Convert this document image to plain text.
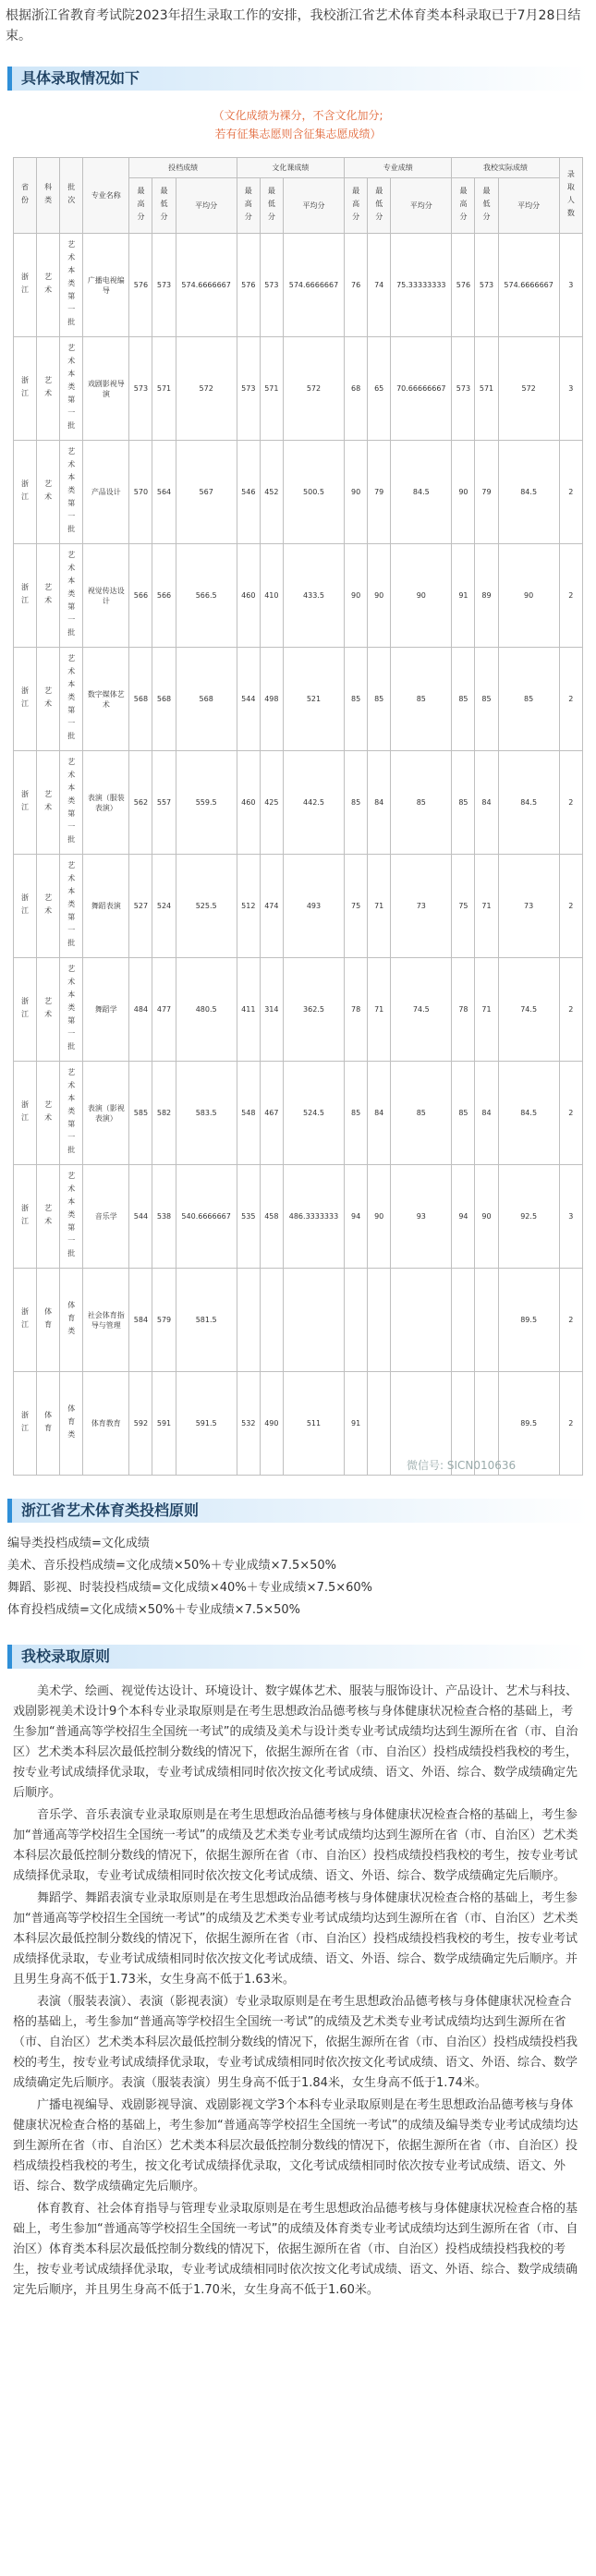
根据浙江省教育考试院2023年招生录取工作的安排，我校浙江省艺术体育类本科录取已于7月28日结束。
具体录取情况如下
（文化成绩为裸分，不含文化加分;
若有征集志愿则含征集志愿成绩）
省份	科类	批次	专业名称	投档成绩			文化课成绩			专业成绩			我校实际成绩			录取人数
				最高分	最低分	平均分	最高分	最低分	平均分	最高分	最低分	平均分	最高分	最低分	平均分	
浙江	艺术	艺术本类第一批	广播电视编导	576	573	574.6666667	576	573	574.6666667	76	74	75.33333333	576	573	574.6666667	3
浙江	艺术	艺术本类第一批	戏剧影视导演	573	571	572	573	571	572	68	65	70.66666667	573	571	572	3
浙江	艺术	艺术本类第一批	产品设计	570	564	567	546	452	500.5	90	79	84.5	90	79	84.5	2
浙江	艺术	艺术本类第一批	视觉传达设计	566	566	566.5	460	410	433.5	90	90	90	91	89	90	2
浙江	艺术	艺术本类第一批	数字媒体艺术	568	568	568	544	498	521	85	85	85	85	85	85	2
浙江	艺术	艺术本类第一批	表演（服装表演）	562	557	559.5	460	425	442.5	85	84	85	85	84	84.5	2
浙江	艺术	艺术本类第一批	舞蹈表演	527	524	525.5	512	474	493	75	71	73	75	71	73	2
浙江	艺术	艺术本类第一批	舞蹈学	484	477	480.5	411	314	362.5	78	71	74.5	78	71	74.5	2
浙江	艺术	艺术本类第一批	表演（影视表演）	585	582	583.5	548	467	524.5	85	84	85	85	84	84.5	2
浙江	艺术	艺术本类第一批	音乐学	544	538	540.6666667	535	458	486.3333333	94	90	93	94	90	92.5	3
浙江	体育	体育类	社会体育指导与管理	584	579	581.5									89.5	2
浙江	体育	体育类	体育教育	592	591	591.5	532	490	511	91					89.5	2
微信号: SICN010636
浙江省艺术体育类投档原则
编导类投档成绩=文化成绩
美术、音乐投档成绩=文化成绩×50%＋专业成绩×7.5×50%
舞蹈、影视、时装投档成绩=文化成绩×40%＋专业成绩×7.5×60%
体育投档成绩=文化成绩×50%＋专业成绩×7.5×50%
我校录取原则

美术学、绘画、视觉传达设计、环境设计、数字媒体艺术、服装与服饰设计、产品设计、艺术与科技、戏剧影视美术设计9个本科专业录取原则是在考生思想政治品德考核与身体健康状况检查合格的基础上，考生参加“普通高等学校招生全国统一考试”的成绩及美术与设计类专业考试成绩均达到生源所在省（市、自治区）艺术类本科层次最低控制分数线的情况下，依据生源所在省（市、自治区）投档成绩投档我校的考生，按专业考试成绩择优录取，专业考试成绩相同时依次按文化考试成绩、语文、外语、综合、数学成绩确定先后顺序。

音乐学、音乐表演专业录取原则是在考生思想政治品德考核与身体健康状况检查合格的基础上，考生参加“普通高等学校招生全国统一考试”的成绩及艺术类专业考试成绩均达到生源所在省（市、自治区）艺术类本科层次最低控制分数线的情况下，依据生源所在省（市、自治区）投档成绩投档我校的考生，按专业考试成绩择优录取，专业考试成绩相同时依次按文化考试成绩、语文、外语、综合、数学成绩确定先后顺序。

舞蹈学、舞蹈表演专业录取原则是在考生思想政治品德考核与身体健康状况检查合格的基础上，考生参加“普通高等学校招生全国统一考试”的成绩及艺术类专业考试成绩均达到生源所在省（市、自治区）艺术类本科层次最低控制分数线的情况下，依据生源所在省（市、自治区）投档成绩投档我校的考生，按专业考试成绩择优录取，专业考试成绩相同时依次按文化考试成绩、语文、外语、综合、数学成绩确定先后顺序。并且男生身高不低于1.73米，女生身高不低于1.63米。

表演（服装表演）、表演（影视表演）专业录取原则是在考生思想政治品德考核与身体健康状况检查合格的基础上，考生参加“普通高等学校招生全国统一考试”的成绩及艺术类专业考试成绩均达到生源所在省（市、自治区）艺术类本科层次最低控制分数线的情况下，依据生源所在省（市、自治区）投档成绩投档我校的考生，按专业考试成绩择优录取，专业考试成绩相同时依次按文化考试成绩、语文、外语、综合、数学成绩确定先后顺序。表演（服装表演）男生身高不低于1.84米，女生身高不低于1.74米。

广播电视编导、戏剧影视导演、戏剧影视文学3个本科专业录取原则是在考生思想政治品德考核与身体健康状况检查合格的基础上，考生参加“普通高等学校招生全国统一考试”的成绩及编导类专业考试成绩均达到生源所在省（市、自治区）艺术类本科层次最低控制分数线的情况下，依据生源所在省（市、自治区）投档成绩投档我校的考生，按文化考试成绩择优录取，文化考试成绩相同时依次按专业考试成绩、语文、外语、综合、数学成绩确定先后顺序。

体育教育、社会体育指导与管理专业录取原则是在考生思想政治品德考核与身体健康状况检查合格的基础上，考生参加“普通高等学校招生全国统一考试”的成绩及体育类专业考试成绩均达到生源所在省（市、自治区）体育类本科层次最低控制分数线的情况下，依据生源所在省（市、自治区）投档成绩投档我校的考生，按专业考试成绩择优录取，专业考试成绩相同时依次按文化考试成绩、语文、外语、综合、数学成绩确定先后顺序，并且男生身高不低于1.70米，女生身高不低于1.60米。
